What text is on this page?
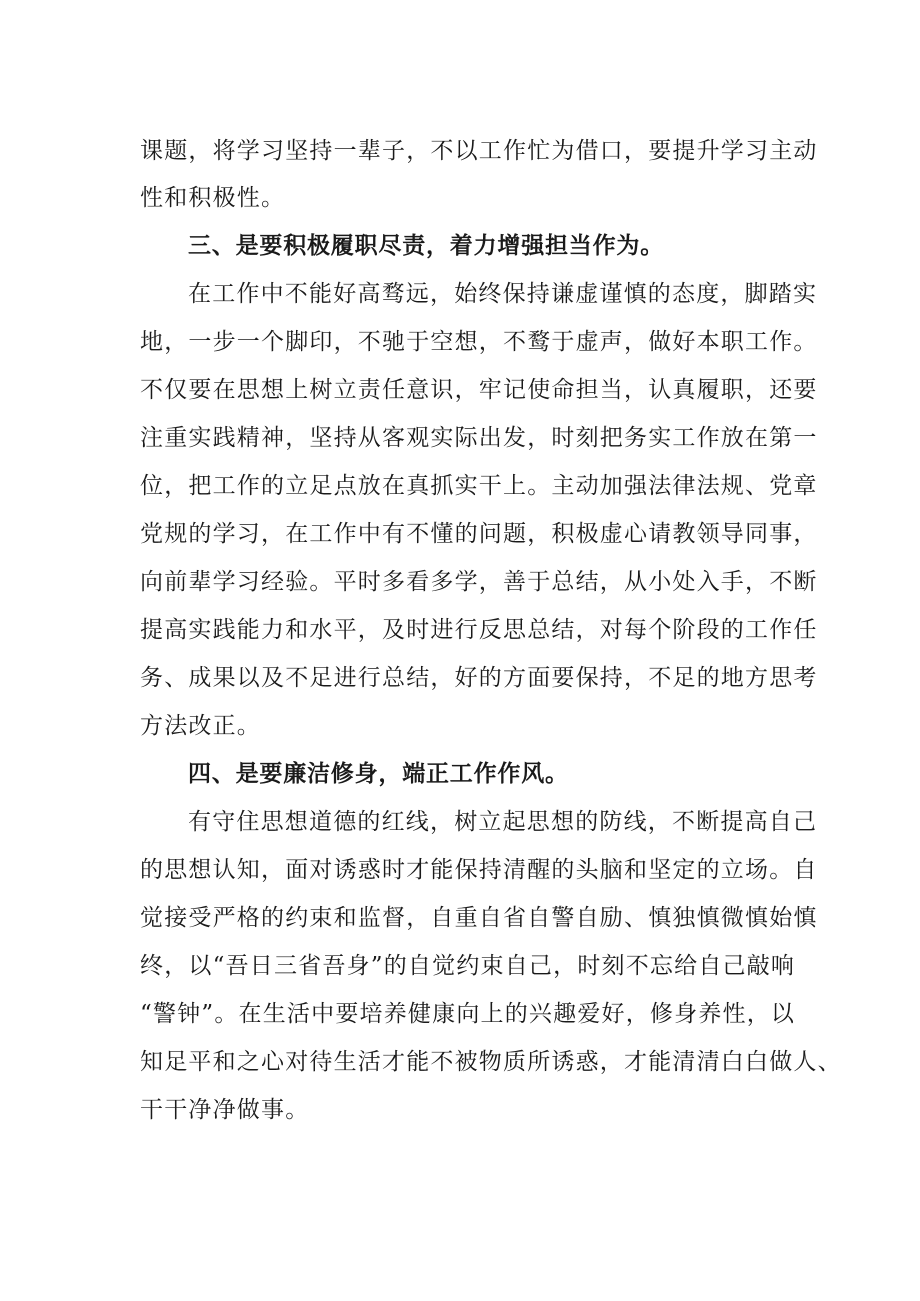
课题，将学习坚持一辈子，不以工作忙为借口，要提升学习主动
性和积极性。
三、是要积极履职尽责，着力增强担当作为。
在工作中不能好高骛远，始终保持谦虚谨慎的态度，脚踏实
地，一步一个脚印，不驰于空想，不鹜于虚声，做好本职工作。
不仅要在思想上树立责任意识，牢记使命担当，认真履职，还要
注重实践精神，坚持从客观实际出发，时刻把务实工作放在第一
位，把工作的立足点放在真抓实干上。主动加强法律法规、党章
党规的学习，在工作中有不懂的问题，积极虚心请教领导同事，
向前辈学习经验。平时多看多学，善于总结，从小处入手，不断
提高实践能力和水平，及时进行反思总结，对每个阶段的工作任
务、成果以及不足进行总结，好的方面要保持，不足的地方思考
方法改正。
四、是要廉洁修身，端正工作作风。
有守住思想道德的红线，树立起思想的防线，不断提高自己
的思想认知，面对诱惑时才能保持清醒的头脑和坚定的立场。自
觉接受严格的约束和监督，自重自省自警自励、慎独慎微慎始慎
终，以“吾日三省吾身”的自觉约束自己，时刻不忘给自己敲响
“警钟”。在生活中要培养健康向上的兴趣爱好，修身养性，以
知足平和之心对待生活才能不被物质所诱惑，才能清清白白做人、
干干净净做事。
